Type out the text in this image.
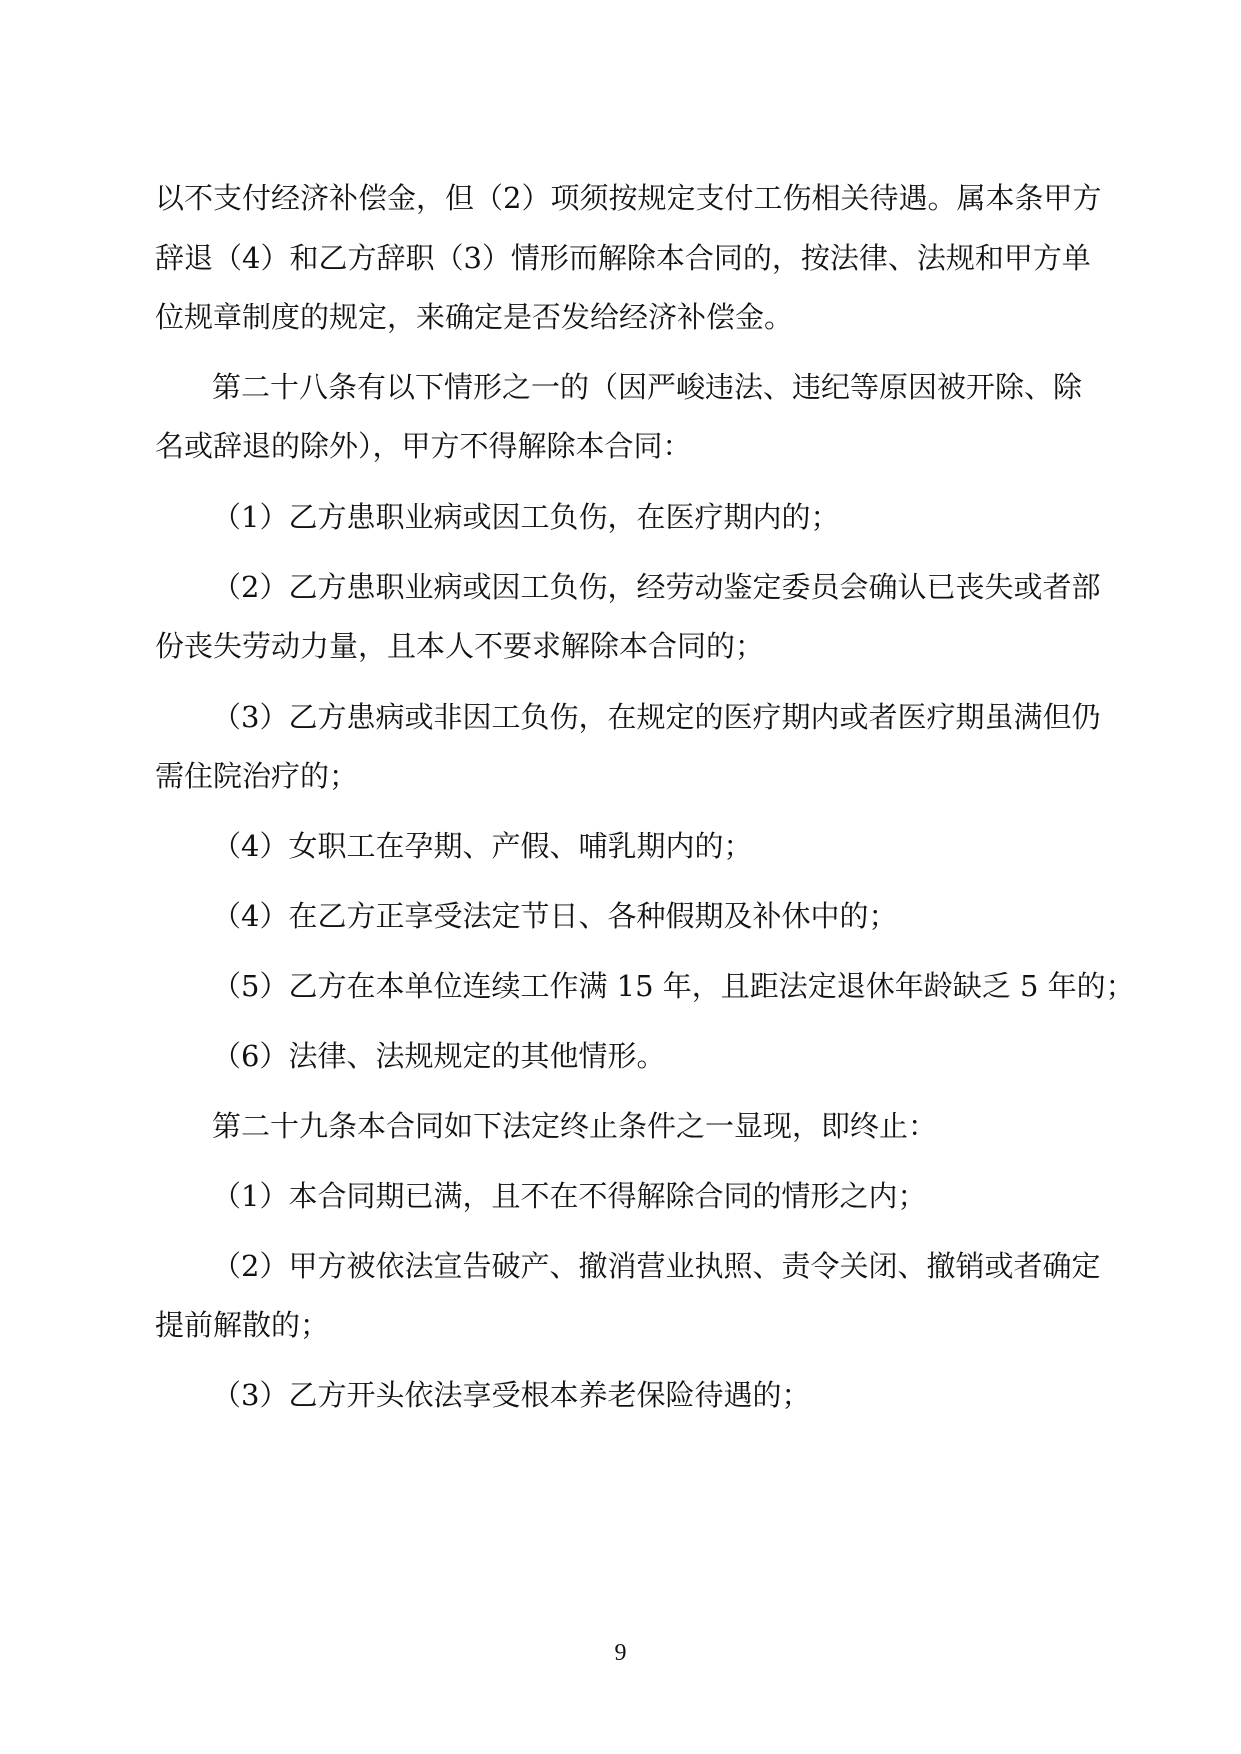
以不支付经济补偿金，但（2）项须按规定支付工伤相关待遇。属本条甲方
辞退（4）和乙方辞职（3）情形而解除本合同的，按法律、法规和甲方单
位规章制度的规定，来确定是否发给经济补偿金。
第二十八条有以下情形之一的（因严峻违法、违纪等原因被开除、除
名或辞退的除外），甲方不得解除本合同：
（1）乙方患职业病或因工负伤，在医疗期内的；
（2）乙方患职业病或因工负伤，经劳动鉴定委员会确认已丧失或者部
份丧失劳动力量，且本人不要求解除本合同的；
（3）乙方患病或非因工负伤，在规定的医疗期内或者医疗期虽满但仍
需住院治疗的；
（4）女职工在孕期、产假、哺乳期内的；
（4）在乙方正享受法定节日、各种假期及补休中的；
（5）乙方在本单位连续工作满 15 年，且距法定退休年龄缺乏 5 年的；
（6）法律、法规规定的其他情形。
第二十九条本合同如下法定终止条件之一显现，即终止：
（1）本合同期已满，且不在不得解除合同的情形之内；
（2）甲方被依法宣告破产、撤消营业执照、责令关闭、撤销或者确定
提前解散的；
（3）乙方开头依法享受根本养老保险待遇的；
9
